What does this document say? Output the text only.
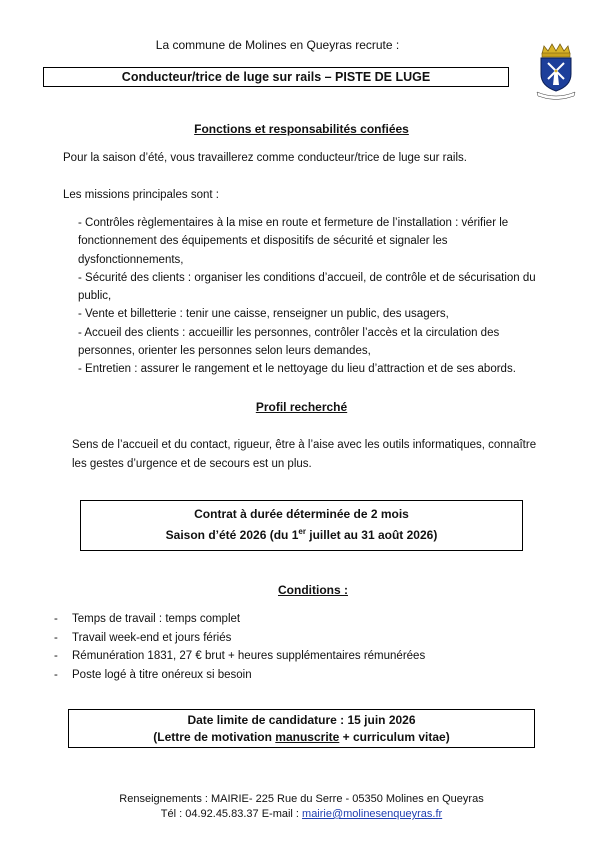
La commune de Molines en Queyras recrute :
Conducteur/trice de luge sur rails – PISTE DE LUGE
Fonctions et responsabilités confiées
Pour la saison d’été, vous travaillerez comme conducteur/trice de luge sur rails.
Les missions principales sont :
- Contrôles règlementaires à la mise en route et fermeture de l’installation : vérifier le
fonctionnement des équipements et dispositifs de sécurité et signaler les
dysfonctionnements,
- Sécurité des clients : organiser les conditions d’accueil, de contrôle et de sécurisation du
public,
- Vente et billetterie : tenir une caisse, renseigner un public, des usagers,
- Accueil des clients : accueillir les personnes, contrôler l’accès et la circulation des
personnes, orienter les personnes selon leurs demandes,
- Entretien : assurer le rangement et le nettoyage du lieu d’attraction et de ses abords.
Profil recherché
Sens de l’accueil et du contact, rigueur, être à l’aise avec les outils informatiques, connaître
les gestes d’urgence et de secours est un plus.
Contrat à durée déterminée de 2 mois
Saison d’été 2026 (du 1er juillet au 31 août 2026)
Conditions :
- Temps de travail : temps complet
- Travail week-end et jours fériés
- Rémunération 1831, 27 € brut + heures supplémentaires rémunérées
- Poste logé à titre onéreux si besoin
Date limite de candidature : 15 juin 2026
(Lettre de motivation manuscrite + curriculum vitae)
Renseignements : MAIRIE- 225 Rue du Serre - 05350 Molines en Queyras
Tél : 04.92.45.83.37 E-mail : mairie@molinesenqueyras.fr
